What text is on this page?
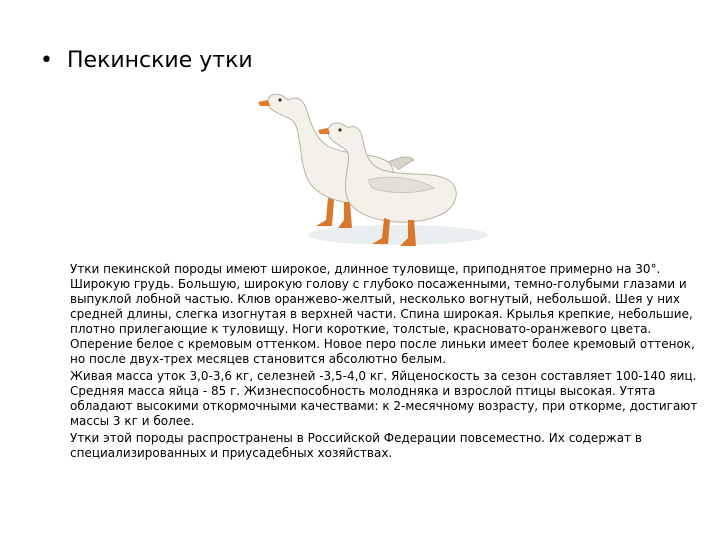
• Пекинские утки

Утки пекинской породы имеют широкое, длинное туловище, приподнятое примерно на 30°. Широкую грудь. Большую, широкую голову с глубоко посаженными, темно-голубыми глазами и выпуклой лобной частью. Клюв оранжево-желтый, несколько вогнутый, небольшой. Шея у них средней длины, слегка изогнутая в верхней части. Спина широкая. Крылья крепкие, небольшие, плотно прилегающие к туловищу. Ноги короткие, толстые, красновато-оранжевого цвета. Оперение белое с кремовым оттенком. Новое перо после линьки имеет более кремовый оттенок, но после двух-трех месяцев становится абсолютно белым.

Живая масса уток 3,0-3,6 кг, селезней -3,5-4,0 кг. Яйценоскость за сезон составляет 100-140 яиц. Средняя масса яйца - 85 г. Жизнеспособность молодняка и взрослой птицы высокая. Утята обладают высокими откормочными качествами: к 2-месячному возрасту, при откорме, достигают массы 3 кг и более.

Утки этой породы распространены в Российской Федерации повсеместно. Их содержат в специализированных и приусадебных хозяйствах.
